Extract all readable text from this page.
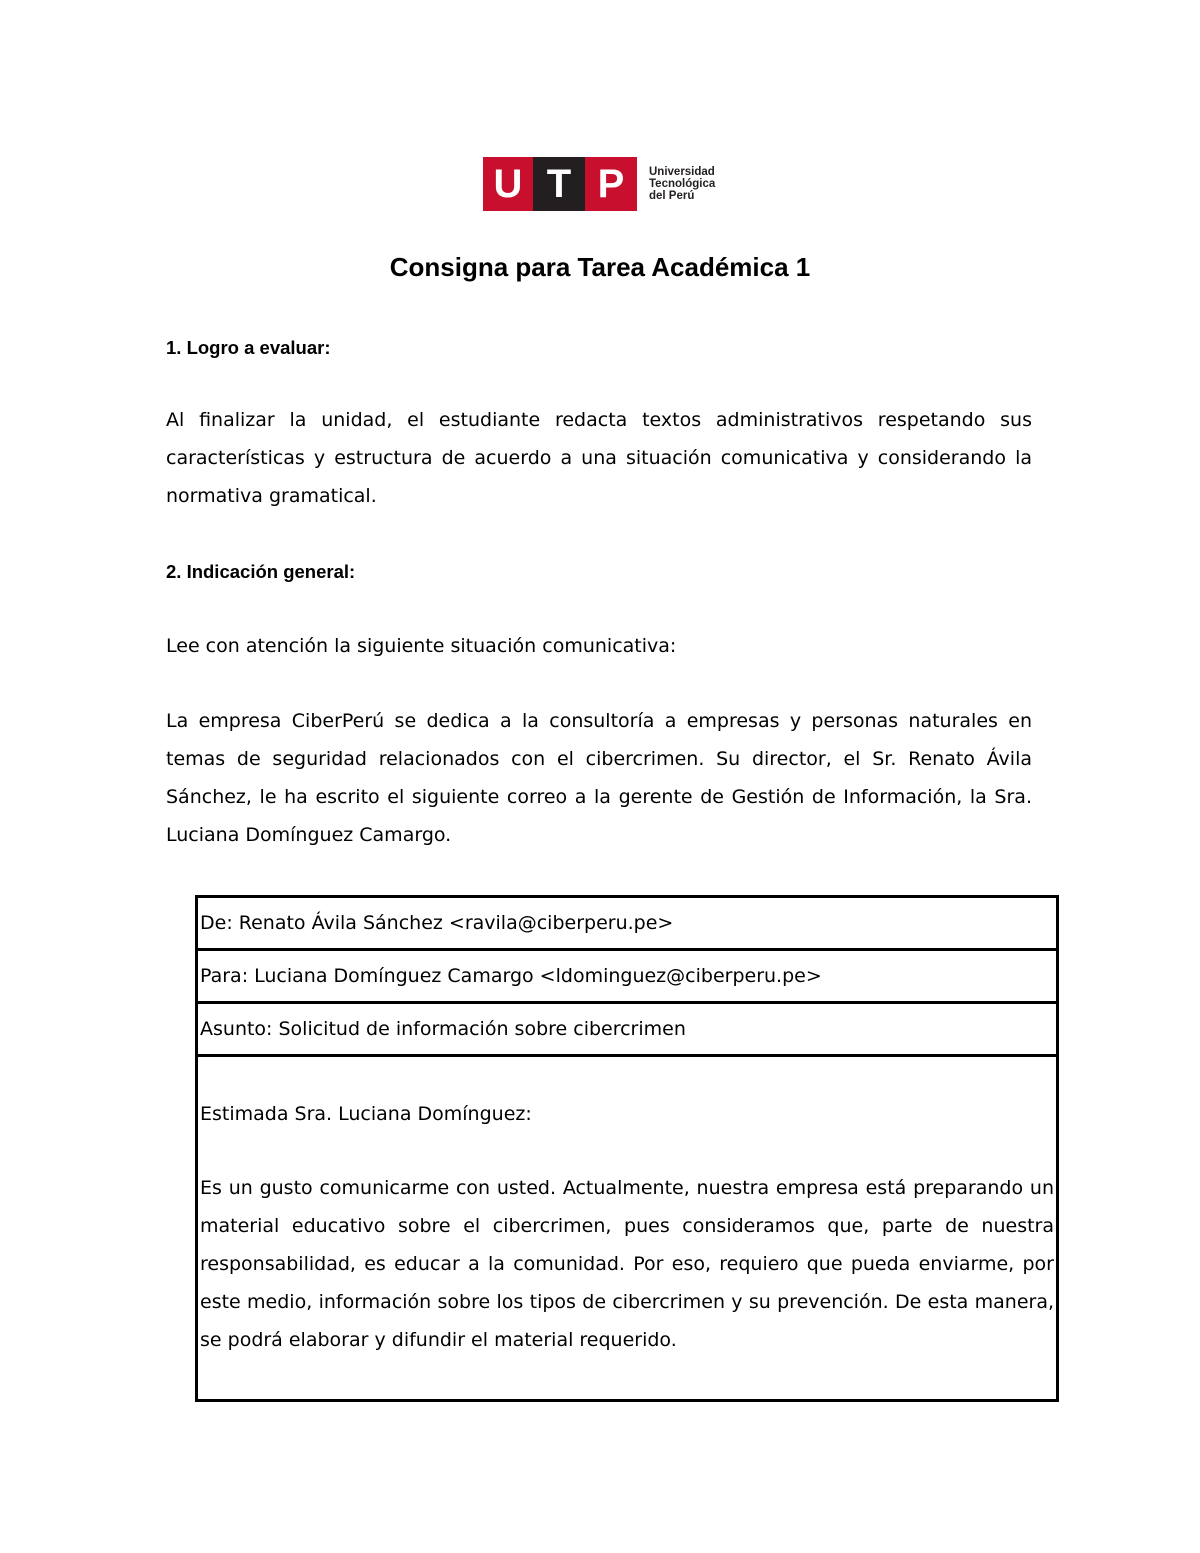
U T P	Universidad
Tecnológica
del Perú
Consigna para Tarea Académica 1
1. Logro a evaluar:
Al finalizar la unidad, el estudiante redacta textos administrativos respetando sus características y estructura de acuerdo a una situación comunicativa y considerando la normativa gramatical.
2. Indicación general:
Lee con atención la siguiente situación comunicativa:
La empresa CiberPerú se dedica a la consultoría a empresas y personas naturales en temas de seguridad relacionados con el cibercrimen. Su director, el Sr. Renato Ávila Sánchez, le ha escrito el siguiente correo a la gerente de Gestión de Información, la Sra. Luciana Domínguez Camargo.
De: Renato Ávila Sánchez <ravila@ciberperu.pe>
Para: Luciana Domínguez Camargo <ldominguez@ciberperu.pe>
Asunto: Solicitud de información sobre cibercrimen

Estimada Sra. Luciana Domínguez:
Es un gusto comunicarme con usted. Actualmente, nuestra empresa está preparando un material educativo sobre el cibercrimen, pues consideramos que, parte de nuestra responsabilidad, es educar a la comunidad. Por eso, requiero que pueda enviarme, por este medio, información sobre los tipos de cibercrimen y su prevención. De esta manera, se podrá elaborar y difundir el material requerido.
